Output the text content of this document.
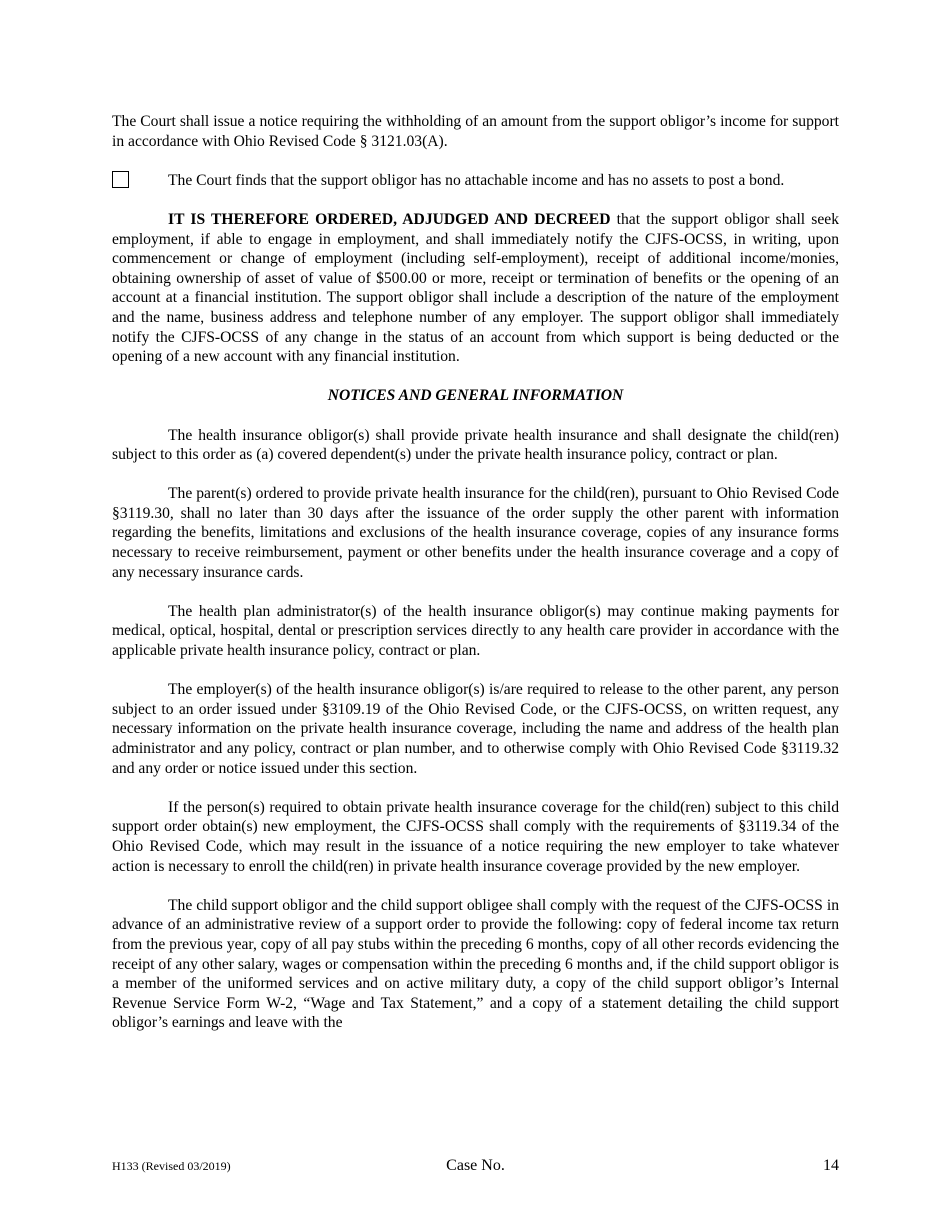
The Court shall issue a notice requiring the withholding of an amount from the support obligor’s income for support in accordance with Ohio Revised Code § 3121.03(A).

The Court finds that the support obligor has no attachable income and has no assets to post a bond.

IT IS THEREFORE ORDERED, ADJUDGED AND DECREED that the support obligor shall seek employment, if able to engage in employment, and shall immediately notify the CJFS-OCSS, in writing, upon commencement or change of employment (including self-employment), receipt of additional income/monies, obtaining ownership of asset of value of $500.00 or more, receipt or termination of benefits or the opening of an account at a financial institution. The support obligor shall include a description of the nature of the employment and the name, business address and telephone number of any employer. The support obligor shall immediately notify the CJFS-OCSS of any change in the status of an account from which support is being deducted or the opening of a new account with any financial institution.

NOTICES AND GENERAL INFORMATION

The health insurance obligor(s) shall provide private health insurance and shall designate the child(ren) subject to this order as (a) covered dependent(s) under the private health insurance policy, contract or plan.

The parent(s) ordered to provide private health insurance for the child(ren), pursuant to Ohio Revised Code §3119.30, shall no later than 30 days after the issuance of the order supply the other parent with information regarding the benefits, limitations and exclusions of the health insurance coverage, copies of any insurance forms necessary to receive reimbursement, payment or other benefits under the health insurance coverage and a copy of any necessary insurance cards.

The health plan administrator(s) of the health insurance obligor(s) may continue making payments for medical, optical, hospital, dental or prescription services directly to any health care provider in accordance with the applicable private health insurance policy, contract or plan.

The employer(s) of the health insurance obligor(s) is/are required to release to the other parent, any person subject to an order issued under §3109.19 of the Ohio Revised Code, or the CJFS-OCSS, on written request, any necessary information on the private health insurance coverage, including the name and address of the health plan administrator and any policy, contract or plan number, and to otherwise comply with Ohio Revised Code §3119.32 and any order or notice issued under this section.

If the person(s) required to obtain private health insurance coverage for the child(ren) subject to this child support order obtain(s) new employment, the CJFS-OCSS shall comply with the requirements of §3119.34 of the Ohio Revised Code, which may result in the issuance of a notice requiring the new employer to take whatever action is necessary to enroll the child(ren) in private health insurance coverage provided by the new employer.

The child support obligor and the child support obligee shall comply with the request of the CJFS-OCSS in advance of an administrative review of a support order to provide the following: copy of federal income tax return from the previous year, copy of all pay stubs within the preceding 6 months, copy of all other records evidencing the receipt of any other salary, wages or compensation within the preceding 6 months and, if the child support obligor is a member of the uniformed services and on active military duty, a copy of the child support obligor’s Internal Revenue Service Form W-2, “Wage and Tax Statement,” and a copy of a statement detailing the child support obligor’s earnings and leave with the

H133 (Revised 03/2019)	Case No.	14
